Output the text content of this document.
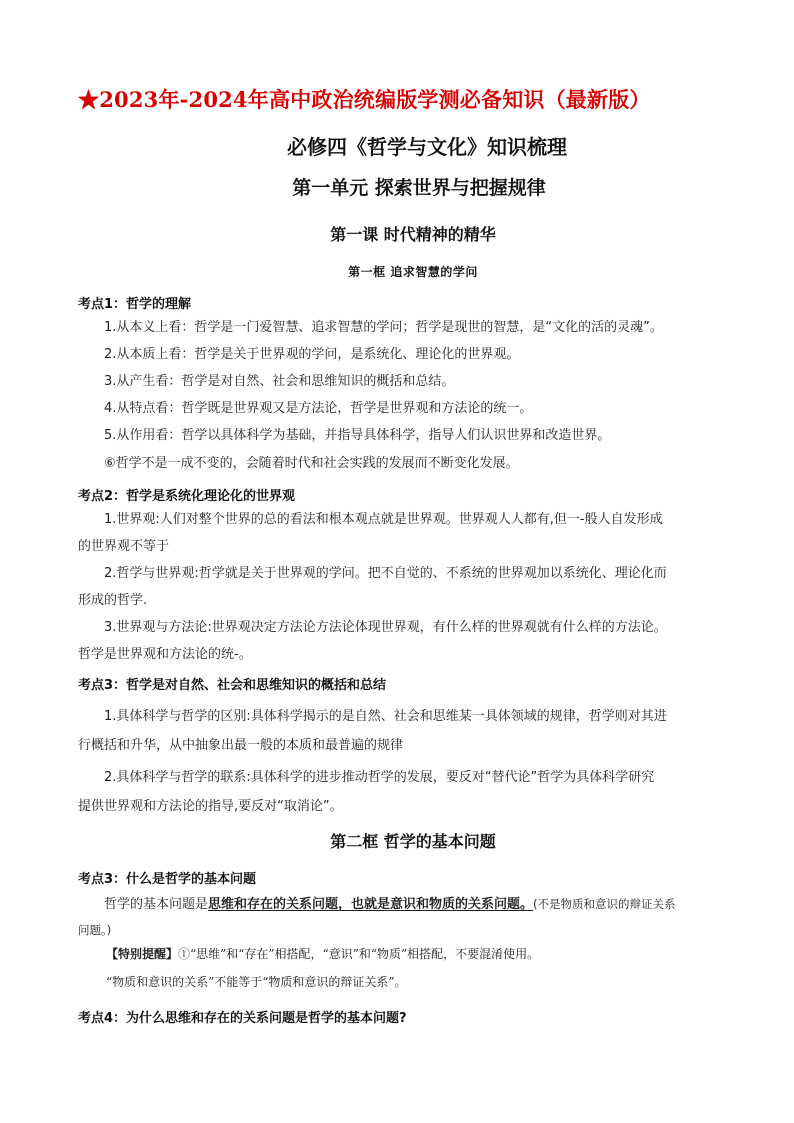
★2023年-2024年高中政治统编版学测必备知识（最新版）
必修四《哲学与文化》知识梳理
第一单元 探索世界与把握规律
第一课 时代精神的精华
第一框 追求智慧的学问
考点1：哲学的理解
1.从本义上看：哲学是一门爱智慧、追求智慧的学问；哲学是现世的智慧，是“文化的活的灵魂”。
2.从本质上看：哲学是关于世界观的学问，是系统化、理论化的世界观。
3.从产生看：哲学是对自然、社会和思维知识的概括和总结。
4.从特点看：哲学既是世界观又是方法论，哲学是世界观和方法论的统一。
5.从作用看：哲学以具体科学为基础，并指导具体科学，指导人们认识世界和改造世界。
⑥哲学不是一成不变的，会随着时代和社会实践的发展而不断变化发展。
考点2：哲学是系统化理论化的世界观
1.世界观:人们对整个世界的总的看法和根本观点就是世界观。世界观人人都有,但一-般人自发形成
的世界观不等于
2.哲学与世界观:哲学就是关于世界观的学问。把不自觉的、不系统的世界观加以系统化、理论化而
形成的哲学.
3.世界观与方法论:世界观决定方法论方法论体现世界观，有什么样的世界观就有什么样的方法论。
哲学是世界观和方法论的统-。
考点3：哲学是对自然、社会和思维知识的概括和总结
1.具体科学与哲学的区别:具体科学揭示的是自然、社会和思维某一具体领域的规律，哲学则对其进
行概括和升华，从中抽象出最一般的本质和最普遍的规律
2.具体科学与哲学的联系:具体科学的进步推动哲学的发展，要反对“替代论”哲学为具体科学研究
提供世界观和方法论的指导,要反对“取消论”。
第二框 哲学的基本问题
考点3：什么是哲学的基本问题
哲学的基本问题是思维和存在的关系问题，也就是意识和物质的关系问题。(不是物质和意识的辩证关系
问题。)
【特别提醒】①“思维”和“存在”相搭配，“意识”和“物质”相搭配，不要混淆使用。
“物质和意识的关系”不能等于“物质和意识的辩证关系”。
考点4：为什么思维和存在的关系问题是哲学的基本问题?
